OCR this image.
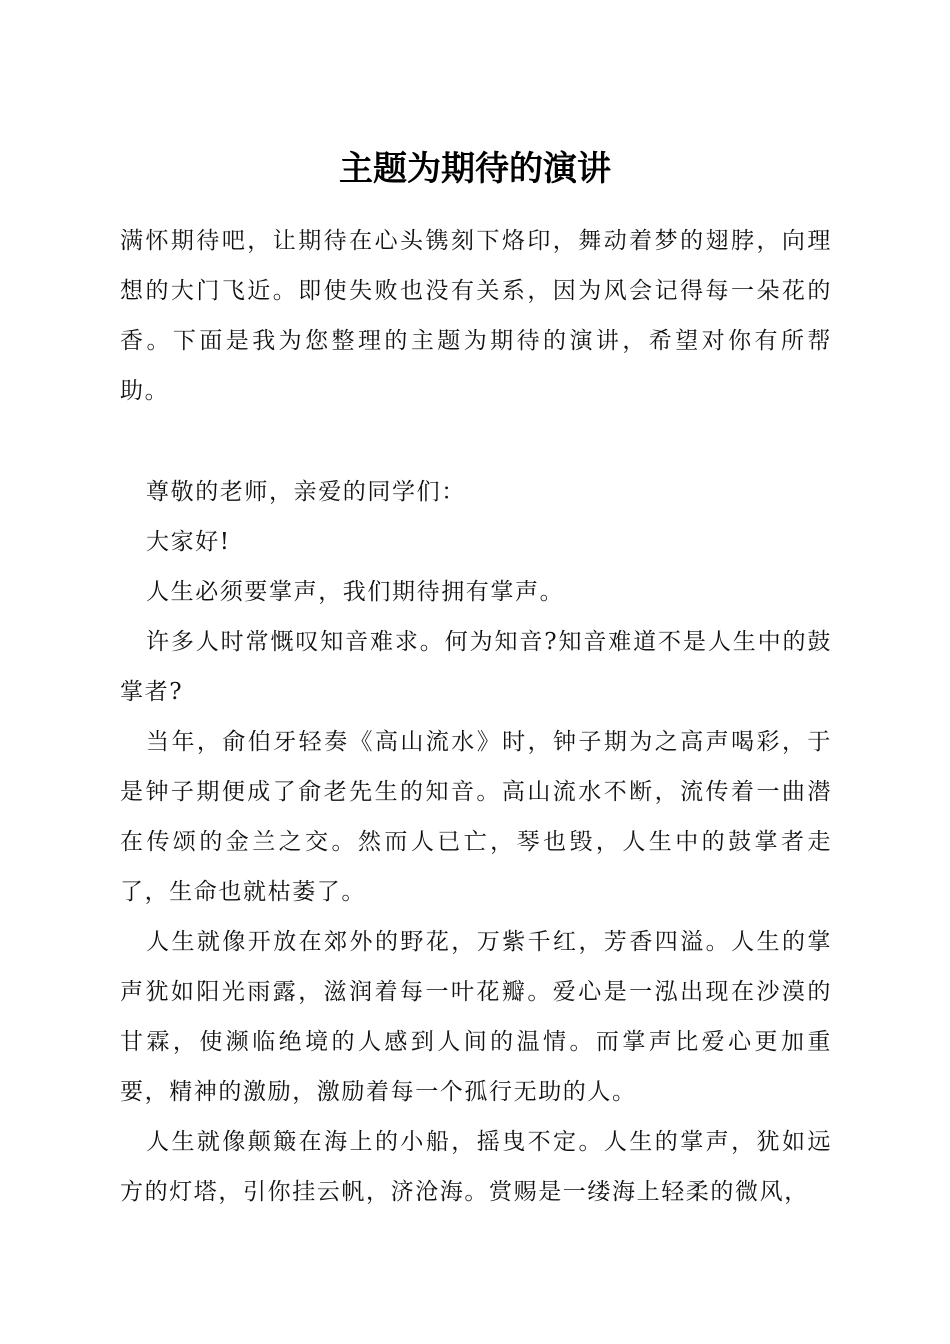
主题为期待的演讲

满怀期待吧，让期待在心头镌刻下烙印，舞动着梦的翅脖，向理想的大门飞近。即使失败也没有关系，因为风会记得每一朵花的香。下面是我为您整理的主题为期待的演讲，希望对你有所帮助。

尊敬的老师，亲爱的同学们：

大家好!

人生必须要掌声，我们期待拥有掌声。

许多人时常慨叹知音难求。何为知音?知音难道不是人生中的鼓掌者?

当年，俞伯牙轻奏《高山流水》时，钟子期为之高声喝彩，于是钟子期便成了俞老先生的知音。高山流水不断，流传着一曲潜在传颂的金兰之交。然而人已亡，琴也毁，人生中的鼓掌者走了，生命也就枯萎了。

人生就像开放在郊外的野花，万紫千红，芳香四溢。人生的掌声犹如阳光雨露，滋润着每一叶花瓣。爱心是一泓出现在沙漠的甘霖，使濒临绝境的人感到人间的温情。而掌声比爱心更加重要，精神的激励，激励着每一个孤行无助的人。

人生就像颠簸在海上的小船，摇曳不定。人生的掌声，犹如远方的灯塔，引你挂云帆，济沧海。赏赐是一缕海上轻柔的微风，
